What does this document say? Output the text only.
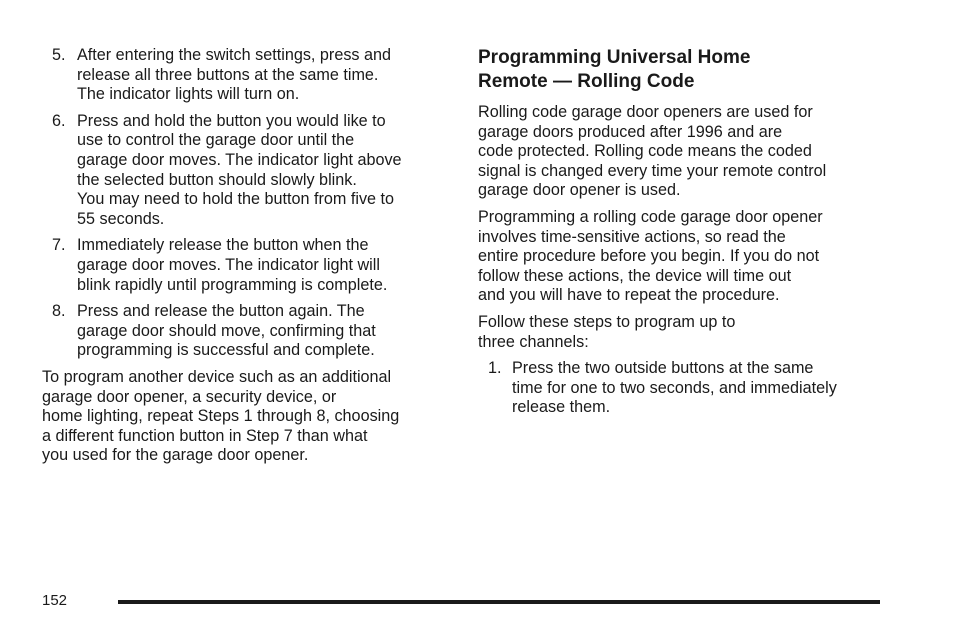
5. After entering the switch settings, press and
release all three buttons at the same time.
The indicator lights will turn on.
6. Press and hold the button you would like to
use to control the garage door until the
garage door moves. The indicator light above
the selected button should slowly blink.
You may need to hold the button from five to
55 seconds.
7. Immediately release the button when the
garage door moves. The indicator light will
blink rapidly until programming is complete.
8. Press and release the button again. The
garage door should move, confirming that
programming is successful and complete.

To program another device such as an additional
garage door opener, a security device, or
home lighting, repeat Steps 1 through 8, choosing
a different function button in Step 7 than what
you used for the garage door opener.

Programming Universal Home
Remote — Rolling Code

Rolling code garage door openers are used for
garage doors produced after 1996 and are
code protected. Rolling code means the coded
signal is changed every time your remote control
garage door opener is used.

Programming a rolling code garage door opener
involves time-sensitive actions, so read the
entire procedure before you begin. If you do not
follow these actions, the device will time out
and you will have to repeat the procedure.

Follow these steps to program up to
three channels:

1. Press the two outside buttons at the same
time for one to two seconds, and immediately
release them.
152
